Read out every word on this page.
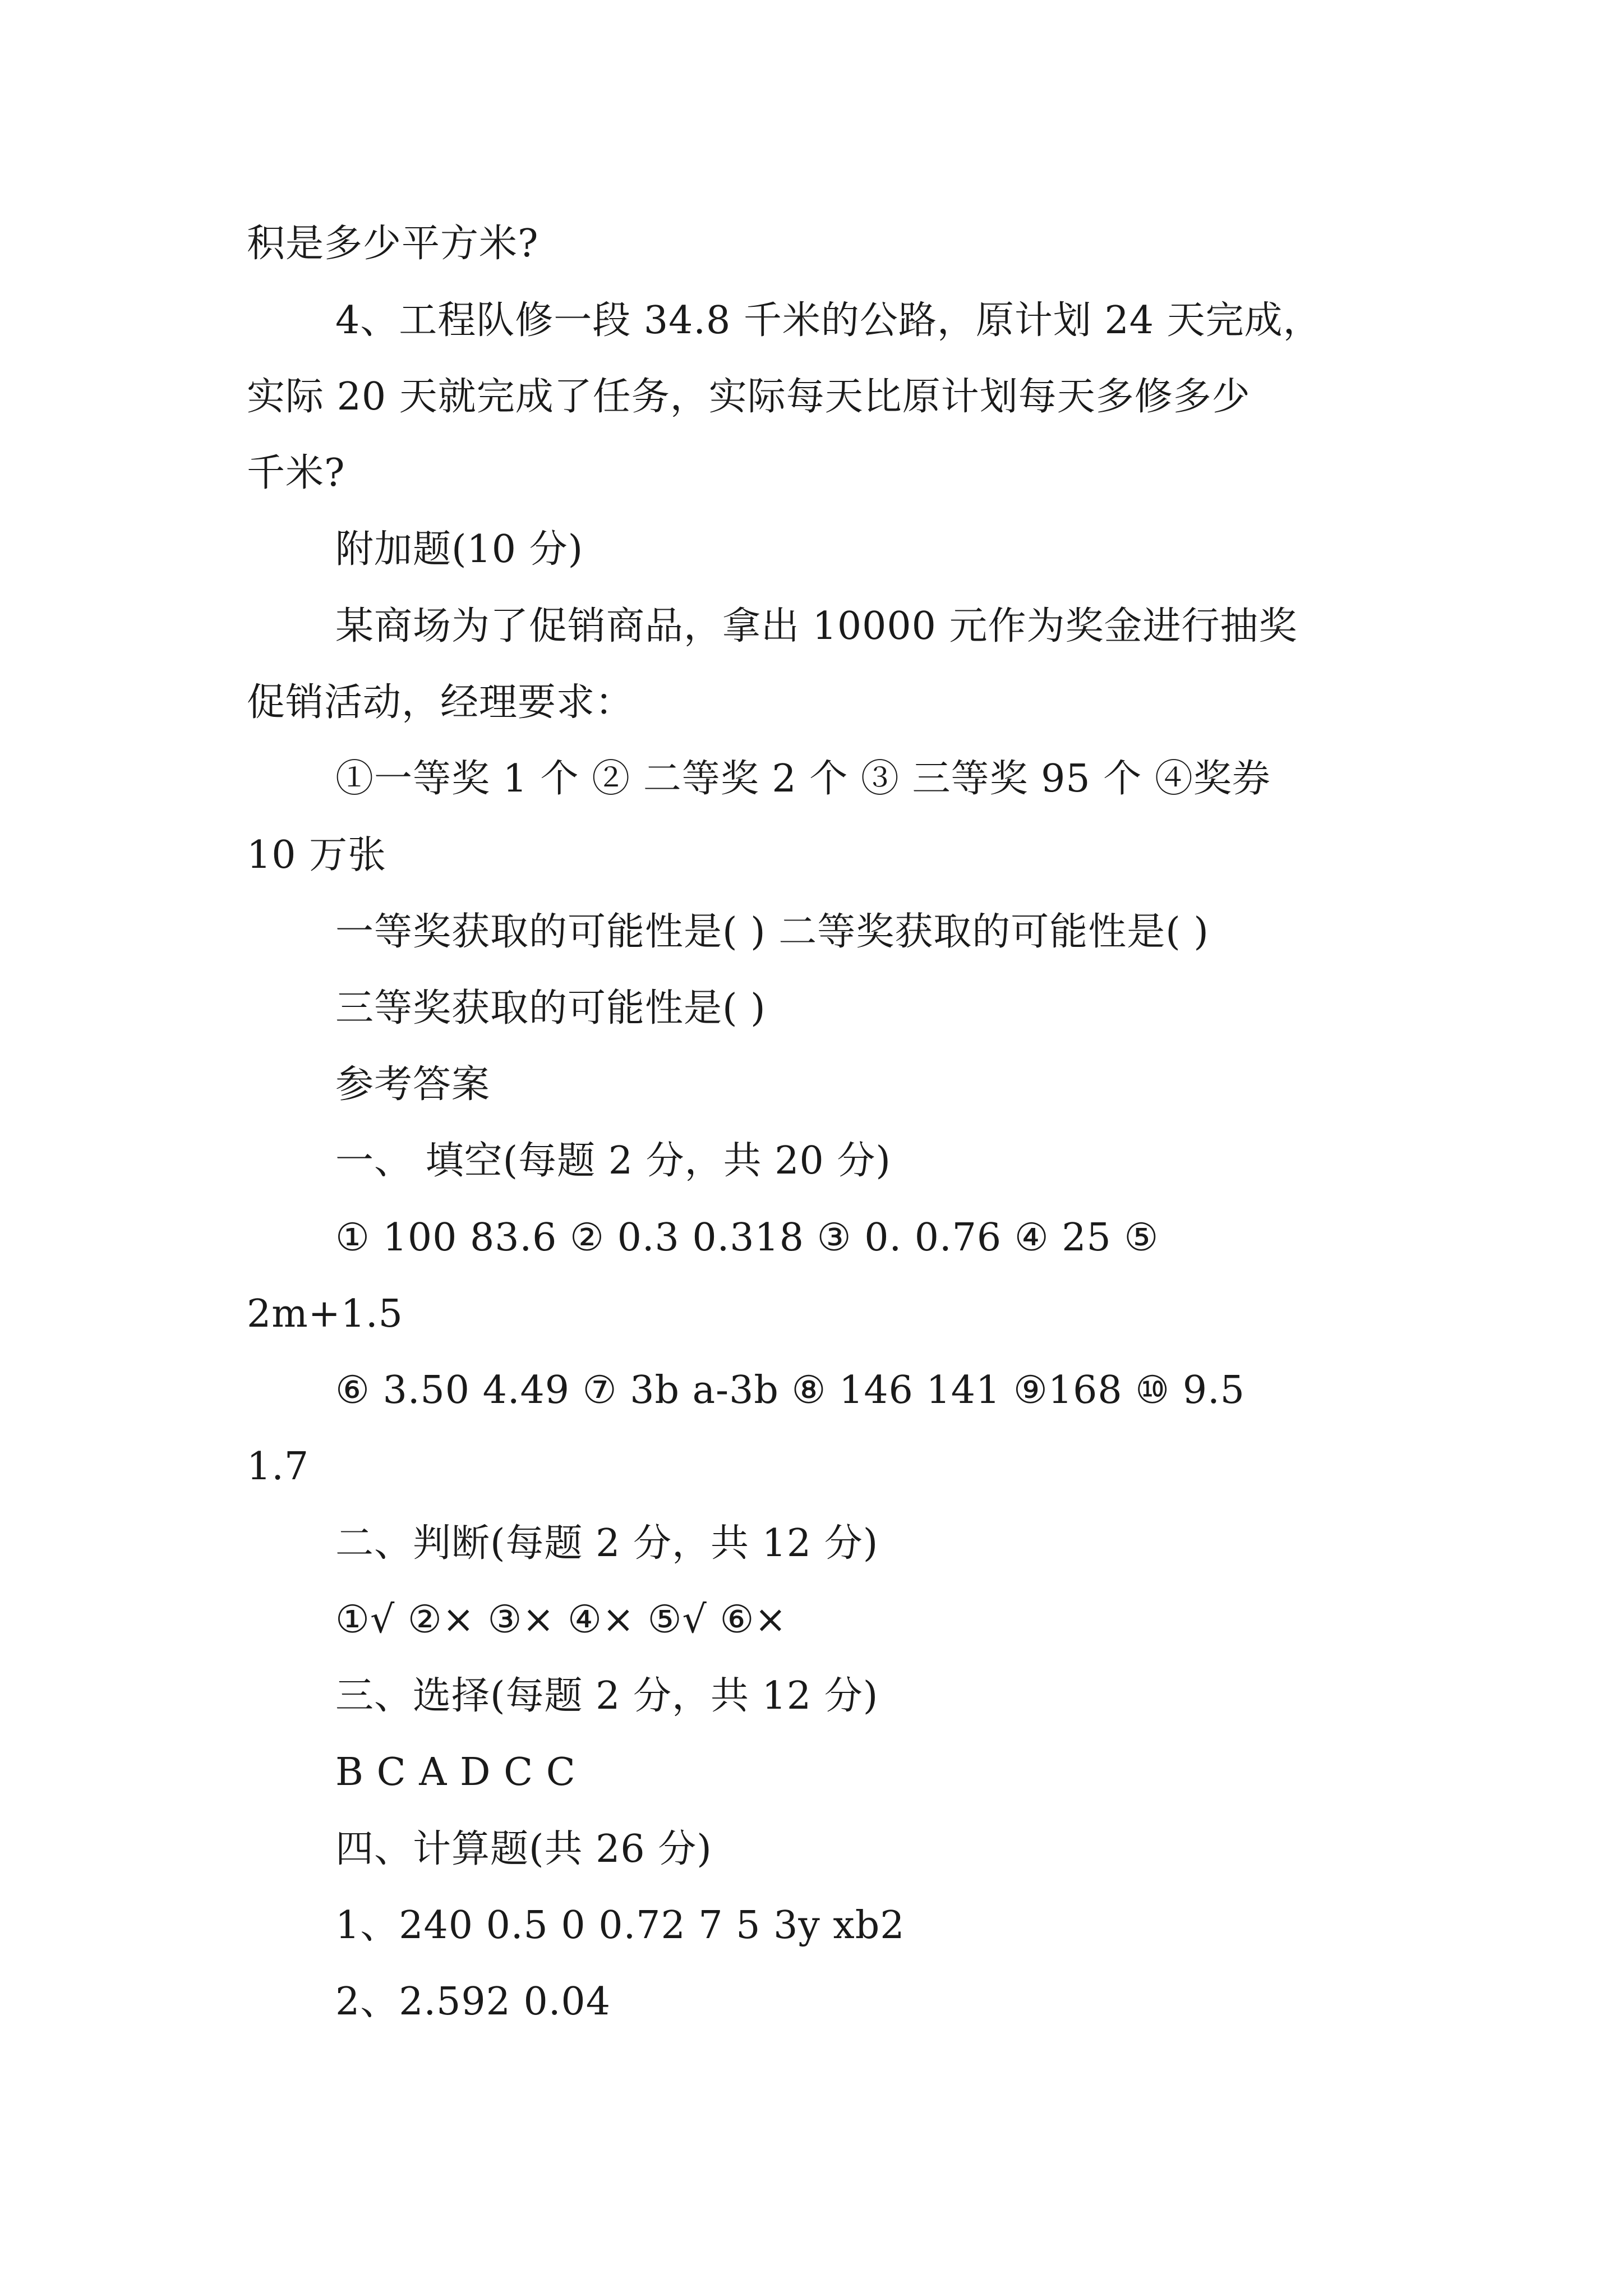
积是多少平方米?
4、工程队修一段 34.8 千米的公路，原计划 24 天完成，
实际 20 天就完成了任务，实际每天比原计划每天多修多少
千米?
附加题(10 分)
某商场为了促销商品，拿出 10000 元作为奖金进行抽奖
促销活动，经理要求：
①一等奖 1 个 ② 二等奖 2 个 ③ 三等奖 95 个 ④奖券
10 万张
一等奖获取的可能性是( ) 二等奖获取的可能性是( )
三等奖获取的可能性是( )
参考答案
一、 填空(每题 2 分，共 20 分)
① 100 83.6 ② 0.3 0.318 ③ 0. 0.76 ④ 25 ⑤
2m+1.5
⑥ 3.50 4.49 ⑦ 3b a-3b ⑧ 146 141 ⑨168 ⑩ 9.5
1.7
二、判断(每题 2 分，共 12 分)
①√ ②× ③× ④× ⑤√ ⑥×
三、选择(每题 2 分，共 12 分)
B C A D C C
四、计算题(共 26 分)
1、240 0.5 0 0.72 7 5 3y xb2
2、2.592 0.04
